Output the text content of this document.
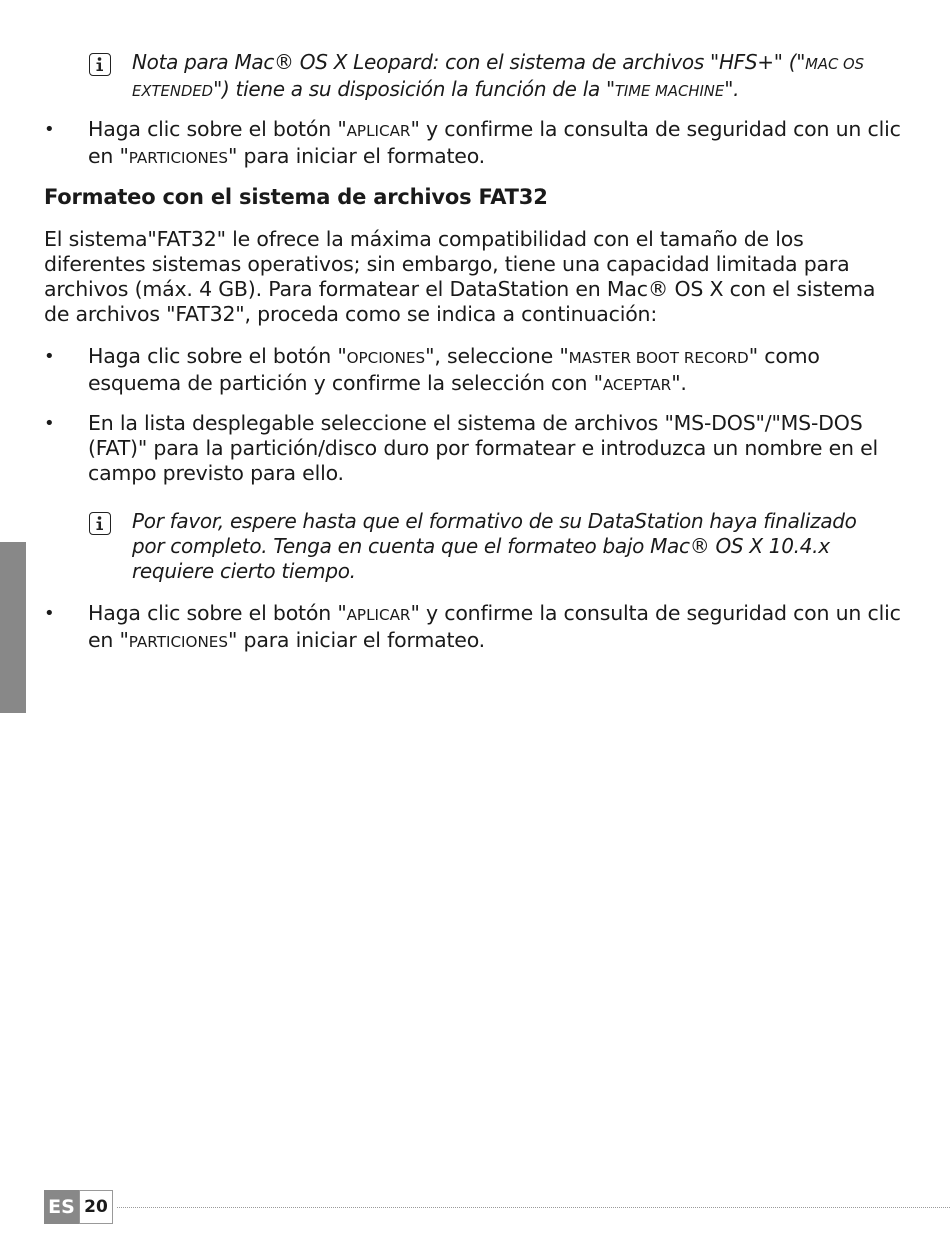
Nota para Mac® OS X Leopard: con el sistema de archivos "HFS+" ("MAC OS EXTENDED") tiene a su disposición la función de la "TIME MACHINE".
• Haga clic sobre el botón "APLICAR" y confirme la consulta de seguridad con un clic en "PARTICIONES" para iniciar el formateo.
Formateo con el sistema de archivos FAT32
El sistema"FAT32" le ofrece la máxima compatibilidad con el tamaño de los diferentes sistemas operativos; sin embargo, tiene una capacidad limitada para archivos (máx. 4 GB). Para formatear el DataStation en Mac® OS X con el sistema de archivos "FAT32", proceda como se indica a continuación:
• Haga clic sobre el botón "OPCIONES", seleccione "MASTER BOOT RECORD" como esquema de partición y confirme la selección con "ACEPTAR".
• En la lista desplegable seleccione el sistema de archivos "MS-DOS"/"MS-DOS (FAT)" para la partición/disco duro por formatear e introduzca un nombre en el campo previsto para ello.
Por favor, espere hasta que el formativo de su DataStation haya finalizado por completo. Tenga en cuenta que el formateo bajo Mac® OS X 10.4.x requiere cierto tiempo.
• Haga clic sobre el botón "APLICAR" y confirme la consulta de seguridad con un clic en "PARTICIONES" para iniciar el formateo.
ES 20
